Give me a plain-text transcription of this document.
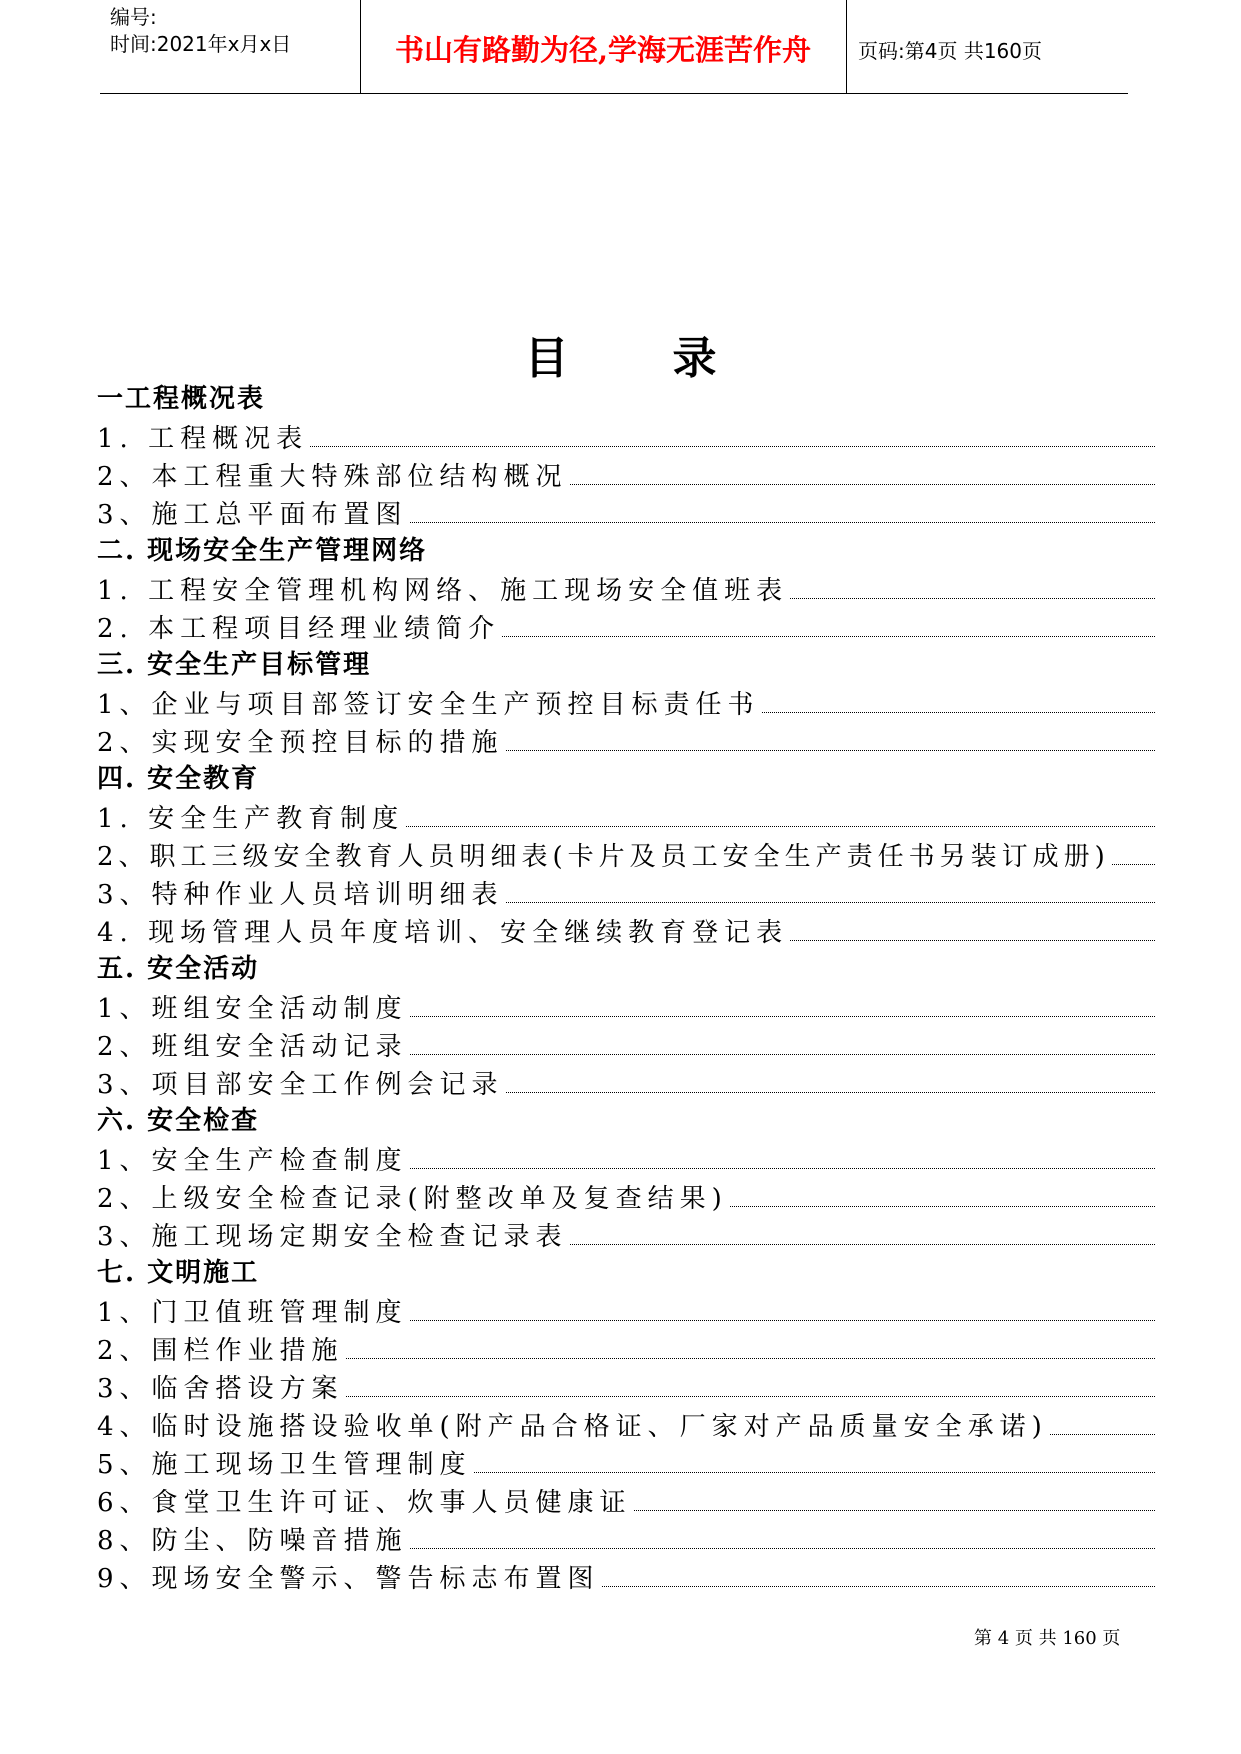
编号:
时间:2021年x月x日	书山有路勤为径,学海无涯苦作舟	页码:第4页 共160页
目录
一工程概况表
1. 工程概况表
2、本工程重大特殊部位结构概况
3、施工总平面布置图
二. 现场安全生产管理网络
1. 工程安全管理机构网络、施工现场安全值班表
2. 本工程项目经理业绩简介
三. 安全生产目标管理
1、企业与项目部签订安全生产预控目标责任书
2、实现安全预控目标的措施
四. 安全教育
1. 安全生产教育制度
2、职工三级安全教育人员明细表(卡片及员工安全生产责任书另装订成册)
3、特种作业人员培训明细表
4. 现场管理人员年度培训、安全继续教育登记表
五. 安全活动
1、班组安全活动制度
2、班组安全活动记录
3、项目部安全工作例会记录
六. 安全检查
1、安全生产检查制度
2、上级安全检查记录(附整改单及复查结果)
3、施工现场定期安全检查记录表
七. 文明施工
1、门卫值班管理制度
2、围栏作业措施
3、临舍搭设方案
4、临时设施搭设验收单(附产品合格证、厂家对产品质量安全承诺)
5、施工现场卫生管理制度
6、食堂卫生许可证、炊事人员健康证
8、防尘、防噪音措施
9、现场安全警示、警告标志布置图
第 4 页 共 160 页
